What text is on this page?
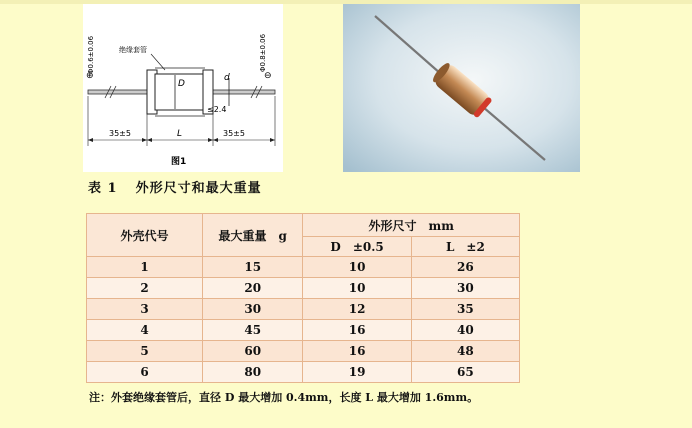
D
d
绝缘套管
Φ0.6±0.06	Φ0.8±0.06
⊕	⊖
≤2.4
35±5	L	35±5
图1
表 1 外形尺寸和最大重量
外壳代号	最大重量　g	外形尺寸　mm	
		D　±0.5	L　±2
1	15	10	26
2	20	10	30
3	30	12	35
4	45	16	40
5	60	16	48
6	80	19	65
注：外套绝缘套管后，直径 D 最大增加 0.4mm，长度 L 最大增加 1.6mm。
